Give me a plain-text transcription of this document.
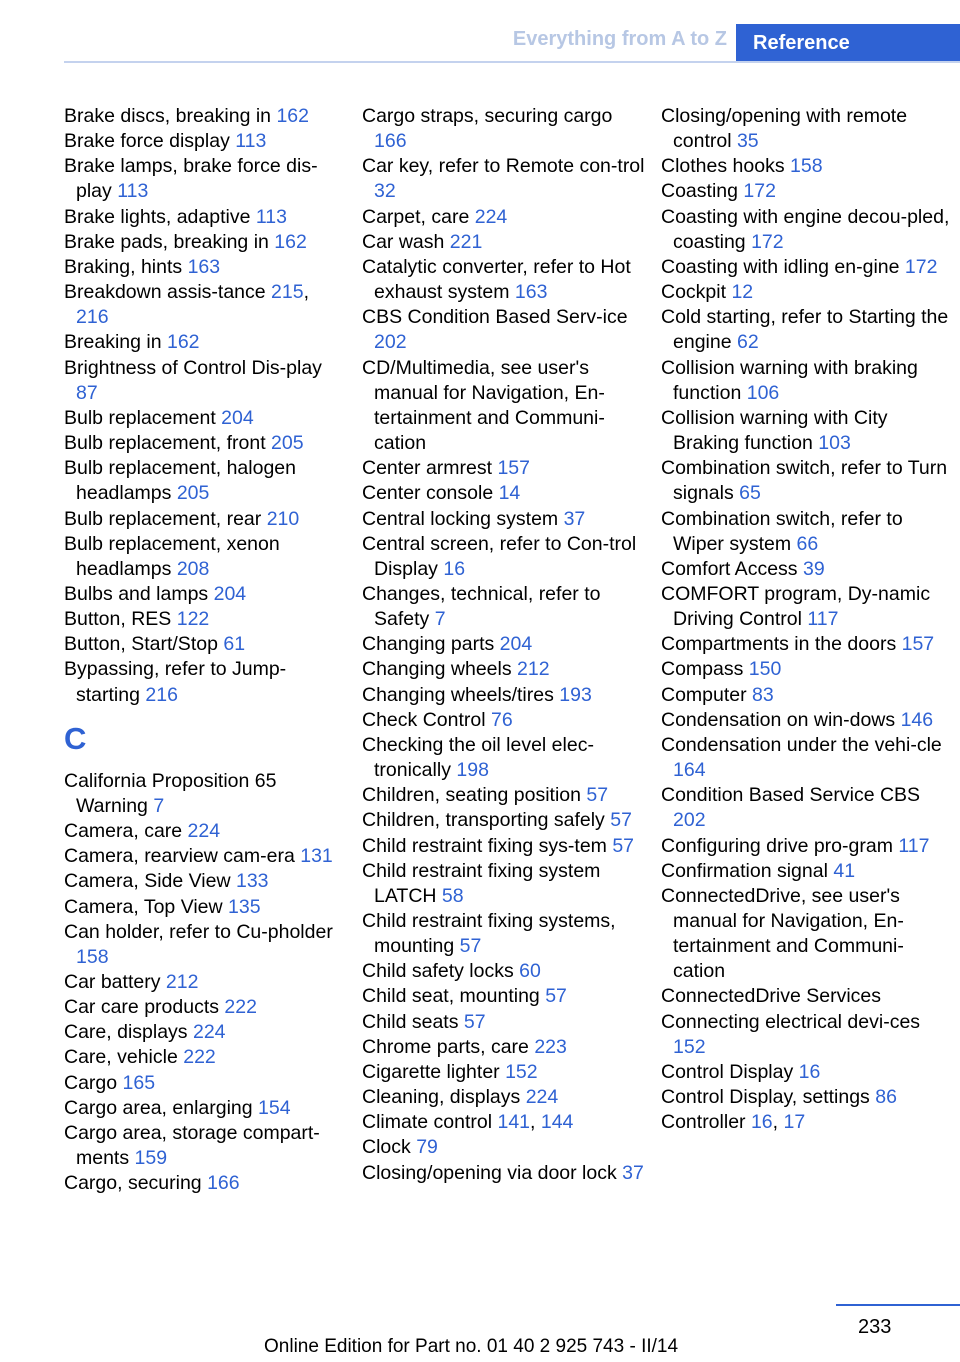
Everything from A to Z	Reference
Brake discs, breaking in 162
Brake force display 113
Brake lamps, brake force dis‐play 113
Brake lights, adaptive 113
Brake pads, breaking in 162
Braking, hints 163
Breakdown assis‐tance 215, 216
Breaking in 162
Brightness of Control Dis‐play 87
Bulb replacement 204
Bulb replacement, front 205
Bulb replacement, halogen headlamps 205
Bulb replacement, rear 210
Bulb replacement, xenon headlamps 208
Bulbs and lamps 204
Button, RES 122
Button, Start/Stop 61
Bypassing, refer to Jump‐starting 216
C
California Proposition 65 Warning 7
Camera, care 224
Camera, rearview cam‐era 131
Camera, Side View 133
Camera, Top View 135
Can holder, refer to Cu‐pholder 158
Car battery 212
Car care products 222
Care, displays 224
Care, vehicle 222
Cargo 165
Cargo area, enlarging 154
Cargo area, storage compart‐ments 159
Cargo, securing 166
Cargo straps, securing cargo 166
Car key, refer to Remote con‐trol 32
Carpet, care 224
Car wash 221
Catalytic converter, refer to Hot exhaust system 163
CBS Condition Based Serv‐ice 202
CD/Multimedia, see user's manual for Navigation, En‐tertainment and Communi‐cation
Center armrest 157
Center console 14
Central locking system 37
Central screen, refer to Con‐trol Display 16
Changes, technical, refer to Safety 7
Changing parts 204
Changing wheels 212
Changing wheels/tires 193
Check Control 76
Checking the oil level elec‐tronically 198
Children, seating position 57
Children, transporting safely 57
Child restraint fixing sys‐tem 57
Child restraint fixing system LATCH 58
Child restraint fixing systems, mounting 57
Child safety locks 60
Child seat, mounting 57
Child seats 57
Chrome parts, care 223
Cigarette lighter 152
Cleaning, displays 224
Climate control 141, 144
Clock 79
Closing/opening via door lock 37
Closing/opening with remote control 35
Clothes hooks 158
Coasting 172
Coasting with engine decou‐pled, coasting 172
Coasting with idling en‐gine 172
Cockpit 12
Cold starting, refer to Starting the engine 62
Collision warning with braking function 106
Collision warning with City Braking function 103
Combination switch, refer to Turn signals 65
Combination switch, refer to Wiper system 66
Comfort Access 39
COMFORT program, Dy‐namic Driving Control 117
Compartments in the doors 157
Compass 150
Computer 83
Condensation on win‐dows 146
Condensation under the vehi‐cle 164
Condition Based Service CBS 202
Configuring drive pro‐gram 117
Confirmation signal 41
ConnectedDrive, see user's manual for Navigation, En‐tertainment and Communi‐cation
ConnectedDrive Services
Connecting electrical devi‐ces 152
Control Display 16
Control Display, settings 86
Controller 16, 17
233
Online Edition for Part no. 01 40 2 925 743 - II/14
